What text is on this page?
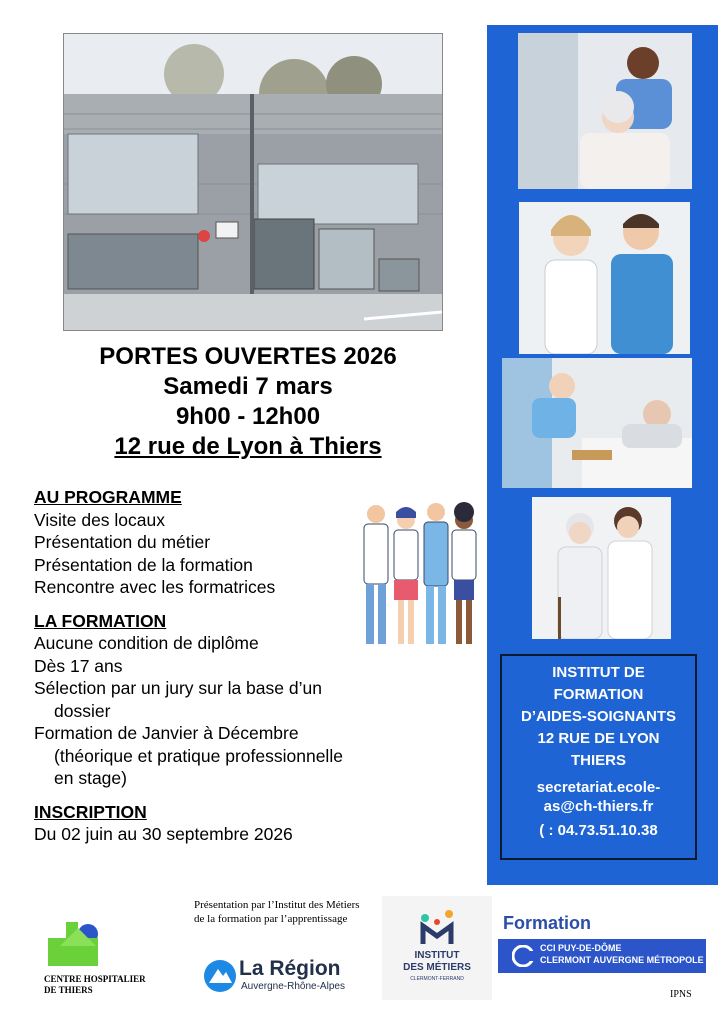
PORTES OUVERTES 2026
Samedi 7 mars
9h00 - 12h00
12 rue de Lyon à Thiers
AU PROGRAMME
Visite des locaux
Présentation du métier
Présentation de la formation
Rencontre avec les formatrices
LA FORMATION
Aucune condition de diplôme
Dès 17 ans
Sélection par un jury sur la base d’un
dossier
Formation de Janvier à Décembre
(théorique et pratique professionnelle
en stage)
INSCRIPTION
Du 02 juin au 30 septembre 2026
INSTITUT DE
FORMATION
D’AIDES-SOIGNANTS
12 RUE DE LYON
THIERS
secretariat.ecole-
as@ch-thiers.fr
( : 04.73.51.10.38
Présentation par l’Institut des Métiers
de la formation par l’apprentissage
CENTRE HOSPITALIER
DE THIERS
La Région
Auvergne-Rhône-Alpes
INSTITUT
DES MÉTIERS
CLERMONT-FERRAND
Formation
CCI PUY-DE-DÔME
CLERMONT AUVERGNE MÉTROPOLE
IPNS
